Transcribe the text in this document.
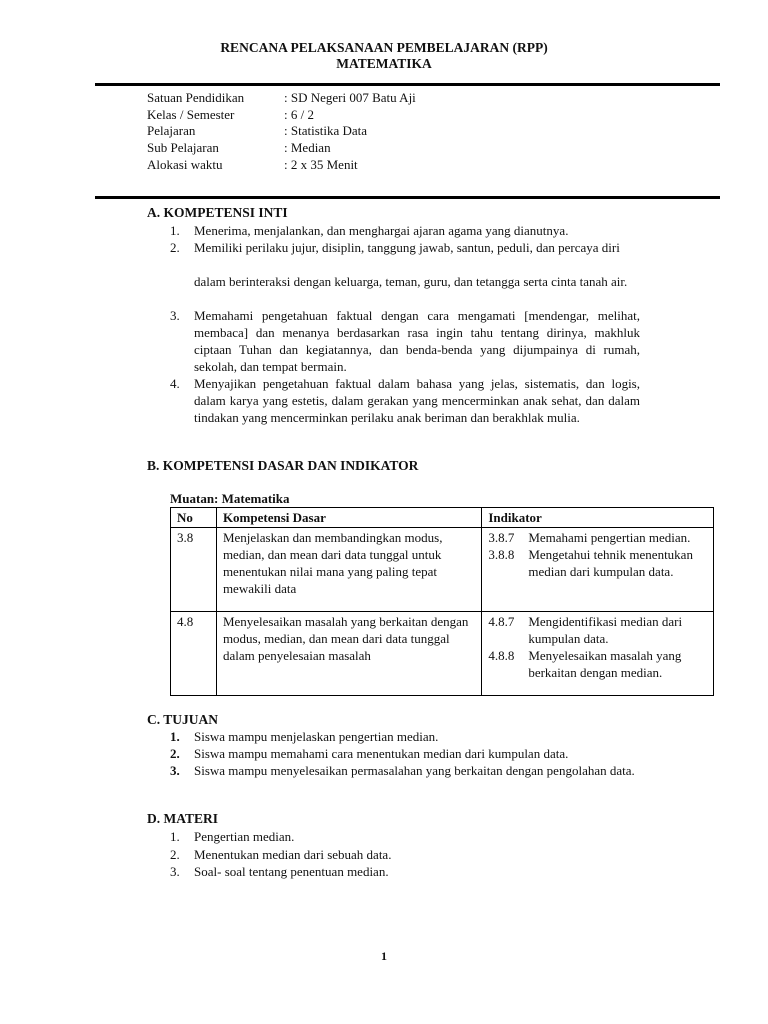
RENCANA PELAKSANAAN PEMBELAJARAN (RPP)
MATEMATIKA
Satuan Pendidikan	: SD Negeri 007 Batu Aji
Kelas / Semester	: 6 / 2
Pelajaran	: Statistika Data
Sub Pelajaran	: Median
Alokasi waktu	: 2 x 35 Menit
A. KOMPETENSI INTI
1. Menerima, menjalankan, dan menghargai ajaran agama yang dianutnya.
2. Memiliki perilaku jujur, disiplin, tanggung jawab, santun, peduli, dan percaya diri
dalam berinteraksi dengan keluarga, teman, guru, dan tetangga serta cinta tanah air.
3. Memahami pengetahuan faktual dengan cara mengamati [mendengar, melihat, membaca] dan menanya berdasarkan rasa ingin tahu tentang dirinya, makhluk ciptaan Tuhan dan kegiatannya, dan benda-benda yang dijumpainya di rumah, sekolah, dan tempat bermain.
4. Menyajikan pengetahuan faktual dalam bahasa yang jelas, sistematis, dan logis, dalam karya yang estetis, dalam gerakan yang mencerminkan anak sehat, dan dalam tindakan yang mencerminkan perilaku anak beriman dan berakhlak mulia.
B. KOMPETENSI DASAR DAN INDIKATOR
Muatan: Matematika
No	Kompetensi Dasar	Indikator
3.8	Menjelaskan dan membandingkan modus, median, dan mean dari data tunggal untuk menentukan nilai mana yang paling tepat mewakili data	3.8.7 Memahami pengertian median.
3.8.8 Mengetahui tehnik menentukan median dari kumpulan data.

4.8	Menyelesaikan masalah yang berkaitan dengan modus, median, dan mean dari data tunggal dalam penyelesaian masalah	4.8.7 Mengidentifikasi median dari kumpulan data.
4.8.8 Menyelesaikan masalah yang berkaitan dengan median.
C. TUJUAN
1. Siswa mampu menjelaskan pengertian median.
2. Siswa mampu memahami cara menentukan median dari kumpulan data.
3. Siswa mampu menyelesaikan permasalahan yang berkaitan dengan pengolahan data.
D. MATERI
1. Pengertian median.
2. Menentukan median dari sebuah data.
3. Soal- soal tentang penentuan median.
1
